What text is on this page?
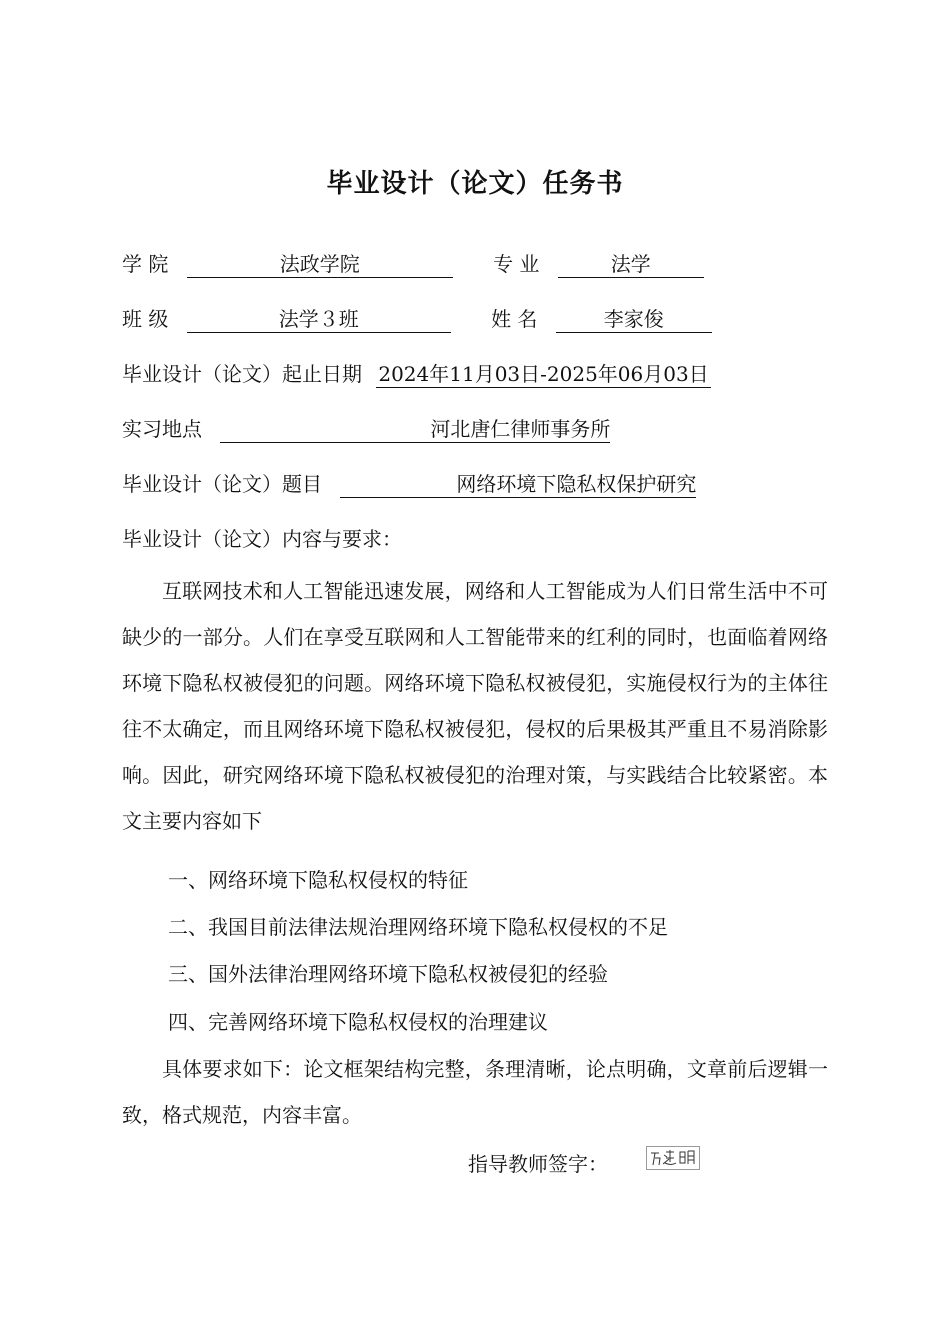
毕业设计（论文）任务书
学 院	法政学院	专 业	法学
班 级	法学３班	姓 名	李家俊
毕业设计（论文）起止日期 2024年11月03日-2025年06月03日
实习地点	河北唐仁律师事务所
毕业设计（论文）题目	网络环境下隐私权保护研究
毕业设计（论文）内容与要求：

互联网技术和人工智能迅速发展，网络和人工智能成为人们日常生活中不可缺少的一部分。人们在享受互联网和人工智能带来的红利的同时，也面临着网络环境下隐私权被侵犯的问题。网络环境下隐私权被侵犯，实施侵权行为的主体往往不太确定，而且网络环境下隐私权被侵犯，侵权的后果极其严重且不易消除影响。因此，研究网络环境下隐私权被侵犯的治理对策，与实践结合比较紧密。本文主要内容如下

一、网络环境下隐私权侵权的特征
二、我国目前法律法规治理网络环境下隐私权侵权的不足
三、国外法律治理网络环境下隐私权被侵犯的经验
四、完善网络环境下隐私权侵权的治理建议

具体要求如下：论文框架结构完整，条理清晰，论点明确，文章前后逻辑一致，格式规范，内容丰富。

指导教师签字：
